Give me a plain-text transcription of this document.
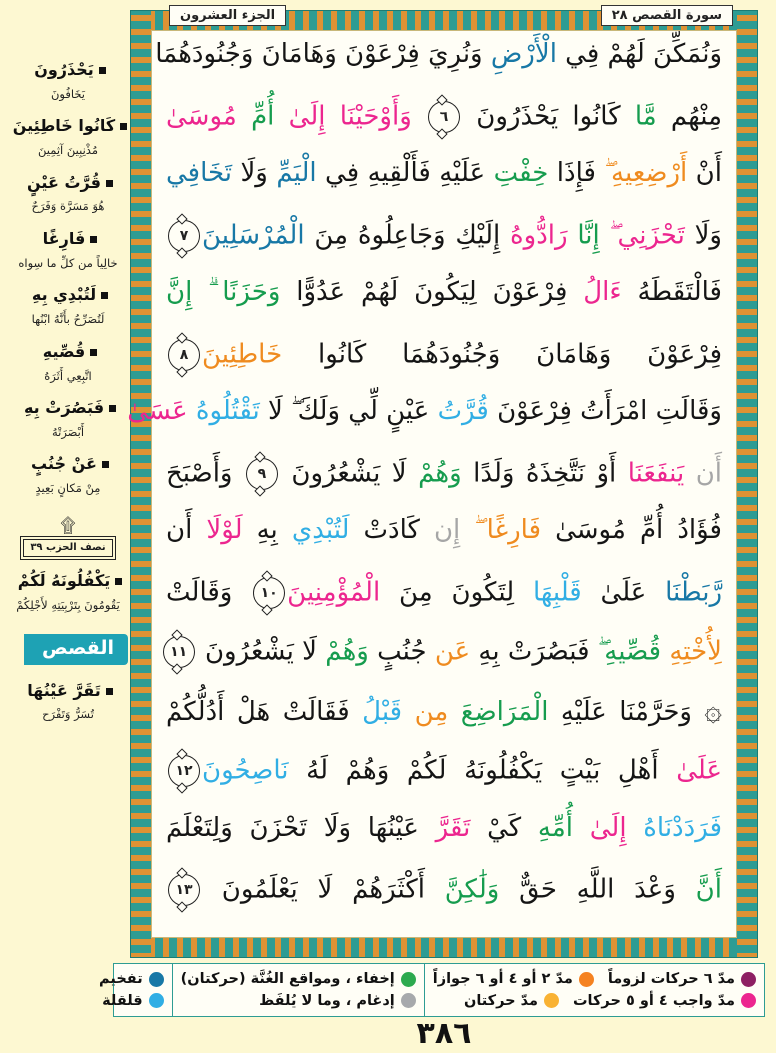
يَحْذَرُونَ
يَخَافُونَ
كَانُوا خَاطِئِينَ
مُذْنِبِينَ آثِمِينَ
قُرَّتُ عَيْنٍ
هُوَ مَسَرَّة وَفَرَحٌ
فَارِغًا
خالِياً من كلِّ ما سِواه
لَتُبْدِي بِهِ
لَتُصَرِّحُ بأَنَّهُ ابْنُها
قُصِّيهِ
اتَّبِعِي أَثَرَهُ
فَبَصُرَتْ بِهِ
أَبْصَرَتْهُ
عَنْ جُنُبٍ
مِنْ مَكانٍ بَعِيدٍ
۩
نصف الحزب ٣٩
يَكْفُلُونَهُ لَكُمْ
يَقُومُونَ بِتَرْبِيَتِهِ لأَجْلِكُمْ
القصص
تَقَرَّ عَيْنُهَا
تُسَرُّ وَتَفْرَح
الجزء العشرون	سورة القصص ٢٨
وَنُمَكِّنَ لَهُمْ فِي الْأَرْضِ وَنُرِيَ فِرْعَوْنَ وَهَامَانَ وَجُنُودَهُمَا
مِنْهُم مَّا كَانُوا يَحْذَرُونَ ٦ وَأَوْحَيْنَا إِلَىٰ أُمِّ مُوسَىٰ
أَنْ أَرْضِعِيهِ ۖ فَإِذَا خِفْتِ عَلَيْهِ فَأَلْقِيهِ فِي الْيَمِّ وَلَا تَخَافِي
وَلَا تَحْزَنِي ۖ إِنَّا رَادُّوهُ إِلَيْكِ وَجَاعِلُوهُ مِنَ الْمُرْسَلِينَ٧
فَالْتَقَطَهُ ءَالُ فِرْعَوْنَ لِيَكُونَ لَهُمْ عَدُوًّا وَحَزَنًا ۗ إِنَّ
فِرْعَوْنَ وَهَامَانَ وَجُنُودَهُمَا كَانُوا خَاطِئِينَ٨
وَقَالَتِ امْرَأَتُ فِرْعَوْنَ قُرَّتُ عَيْنٍ لِّي وَلَكَ ۖ لَا تَقْتُلُوهُ عَسَىٰ
أَن يَنفَعَنَا أَوْ نَتَّخِذَهُ وَلَدًا وَهُمْ لَا يَشْعُرُونَ ٩ وَأَصْبَحَ
فُؤَادُ أُمِّ مُوسَىٰ فَارِغًا ۖ إِن كَادَتْ لَتُبْدِي بِهِ لَوْلَا أَن
رَّبَطْنَا عَلَىٰ قَلْبِهَا لِتَكُونَ مِنَ الْمُؤْمِنِينَ١٠ وَقَالَتْ
لِأُخْتِهِ قُصِّيهِ ۖ فَبَصُرَتْ بِهِ عَن جُنُبٍ وَهُمْ لَا يَشْعُرُونَ ١١
۞ وَحَرَّمْنَا عَلَيْهِ الْمَرَاضِعَ مِن قَبْلُ فَقَالَتْ هَلْ أَدُلُّكُمْ
عَلَىٰ أَهْلِ بَيْتٍ يَكْفُلُونَهُ لَكُمْ وَهُمْ لَهُ نَاصِحُونَ١٢
فَرَدَدْنَاهُ إِلَىٰ أُمِّهِ كَيْ تَقَرَّ عَيْنُهَا وَلَا تَحْزَنَ وَلِتَعْلَمَ
أَنَّ وَعْدَ اللَّهِ حَقٌّ وَلَٰكِنَّ أَكْثَرَهُمْ لَا يَعْلَمُونَ ١٣
مدّ ٦ حركات لزوماً
مدّ ٢ أو ٤ أو ٦ جوازاً
مدّ واجب ٤ أو ٥ حركات
مدّ حركتان
إخفاء ، ومواقع الغُنَّة (حركتان)
إدغام ، وما لا يُلفَظ
تفخيم
قلقلة
٣٨٦
